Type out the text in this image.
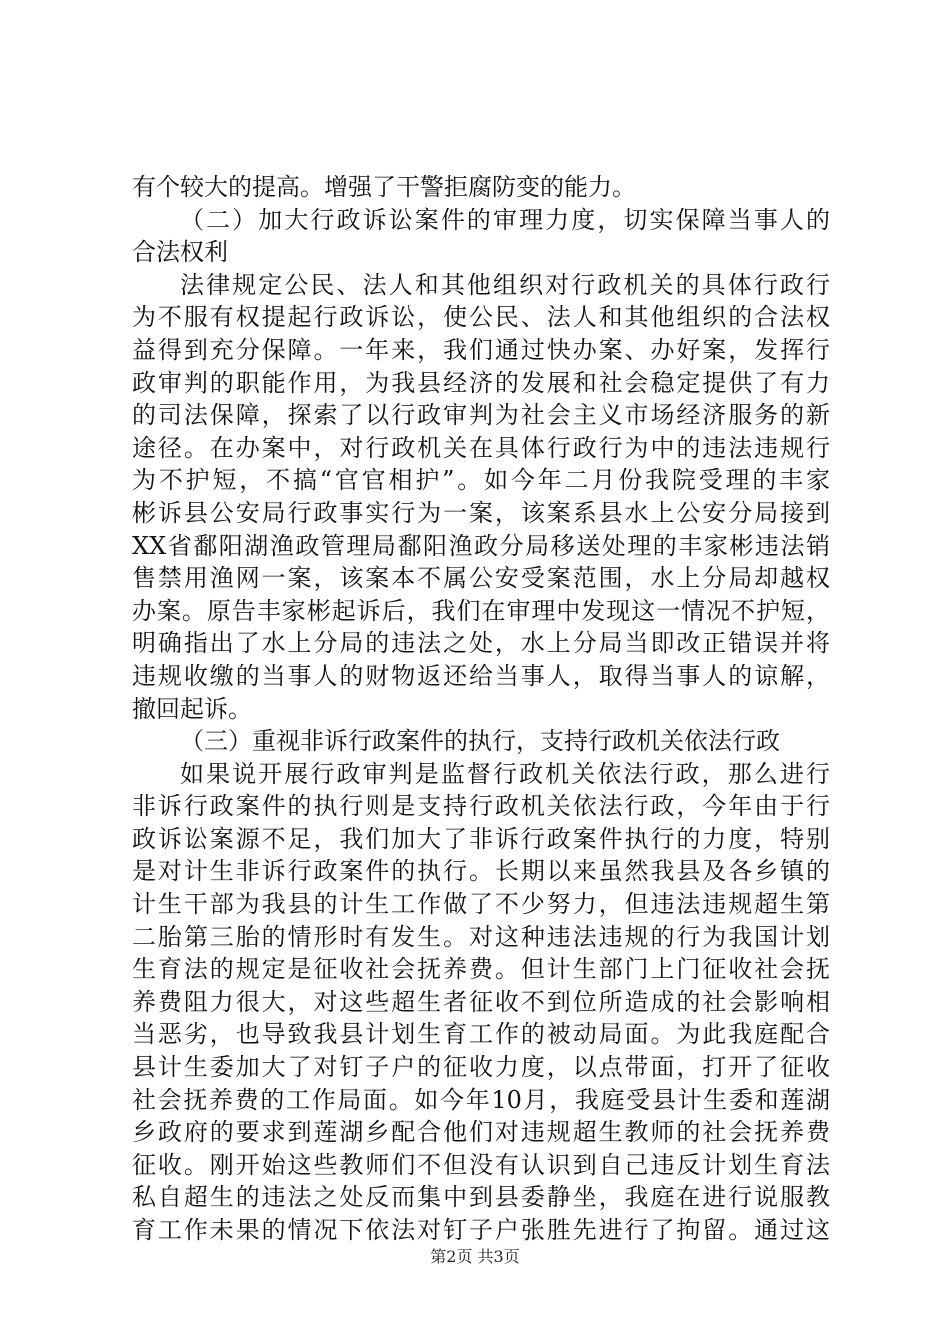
有个较大的提高。增强了干警拒腐防变的能力。
（二）加大行政诉讼案件的审理力度，切实保障当事人的
合法权利
法律规定公民、法人和其他组织对行政机关的具体行政行
为不服有权提起行政诉讼，使公民、法人和其他组织的合法权
益得到充分保障。一年来，我们通过快办案、办好案，发挥行
政审判的职能作用，为我县经济的发展和社会稳定提供了有力
的司法保障，探索了以行政审判为社会主义市场经济服务的新
途径。在办案中，对行政机关在具体行政行为中的违法违规行
为不护短，不搞“官官相护”。如今年二月份我院受理的丰家
彬诉县公安局行政事实行为一案，该案系县水上公安分局接到
XX省鄱阳湖渔政管理局鄱阳渔政分局移送处理的丰家彬违法销
售禁用渔网一案，该案本不属公安受案范围，水上分局却越权
办案。原告丰家彬起诉后，我们在审理中发现这一情况不护短，
明确指出了水上分局的违法之处，水上分局当即改正错误并将
违规收缴的当事人的财物返还给当事人，取得当事人的谅解，
撤回起诉。
（三）重视非诉行政案件的执行，支持行政机关依法行政
如果说开展行政审判是监督行政机关依法行政，那么进行
非诉行政案件的执行则是支持行政机关依法行政，今年由于行
政诉讼案源不足，我们加大了非诉行政案件执行的力度，特别
是对计生非诉行政案件的执行。长期以来虽然我县及各乡镇的
计生干部为我县的计生工作做了不少努力，但违法违规超生第
二胎第三胎的情形时有发生。对这种违法违规的行为我国计划
生育法的规定是征收社会抚养费。但计生部门上门征收社会抚
养费阻力很大，对这些超生者征收不到位所造成的社会影响相
当恶劣，也导致我县计划生育工作的被动局面。为此我庭配合
县计生委加大了对钉子户的征收力度，以点带面，打开了征收
社会抚养费的工作局面。如今年10月，我庭受县计生委和莲湖
乡政府的要求到莲湖乡配合他们对违规超生教师的社会抚养费
征收。刚开始这些教师们不但没有认识到自己违反计划生育法
私自超生的违法之处反而集中到县委静坐，我庭在进行说服教
育工作未果的情况下依法对钉子户张胜先进行了拘留。通过这
第2页 共3页
